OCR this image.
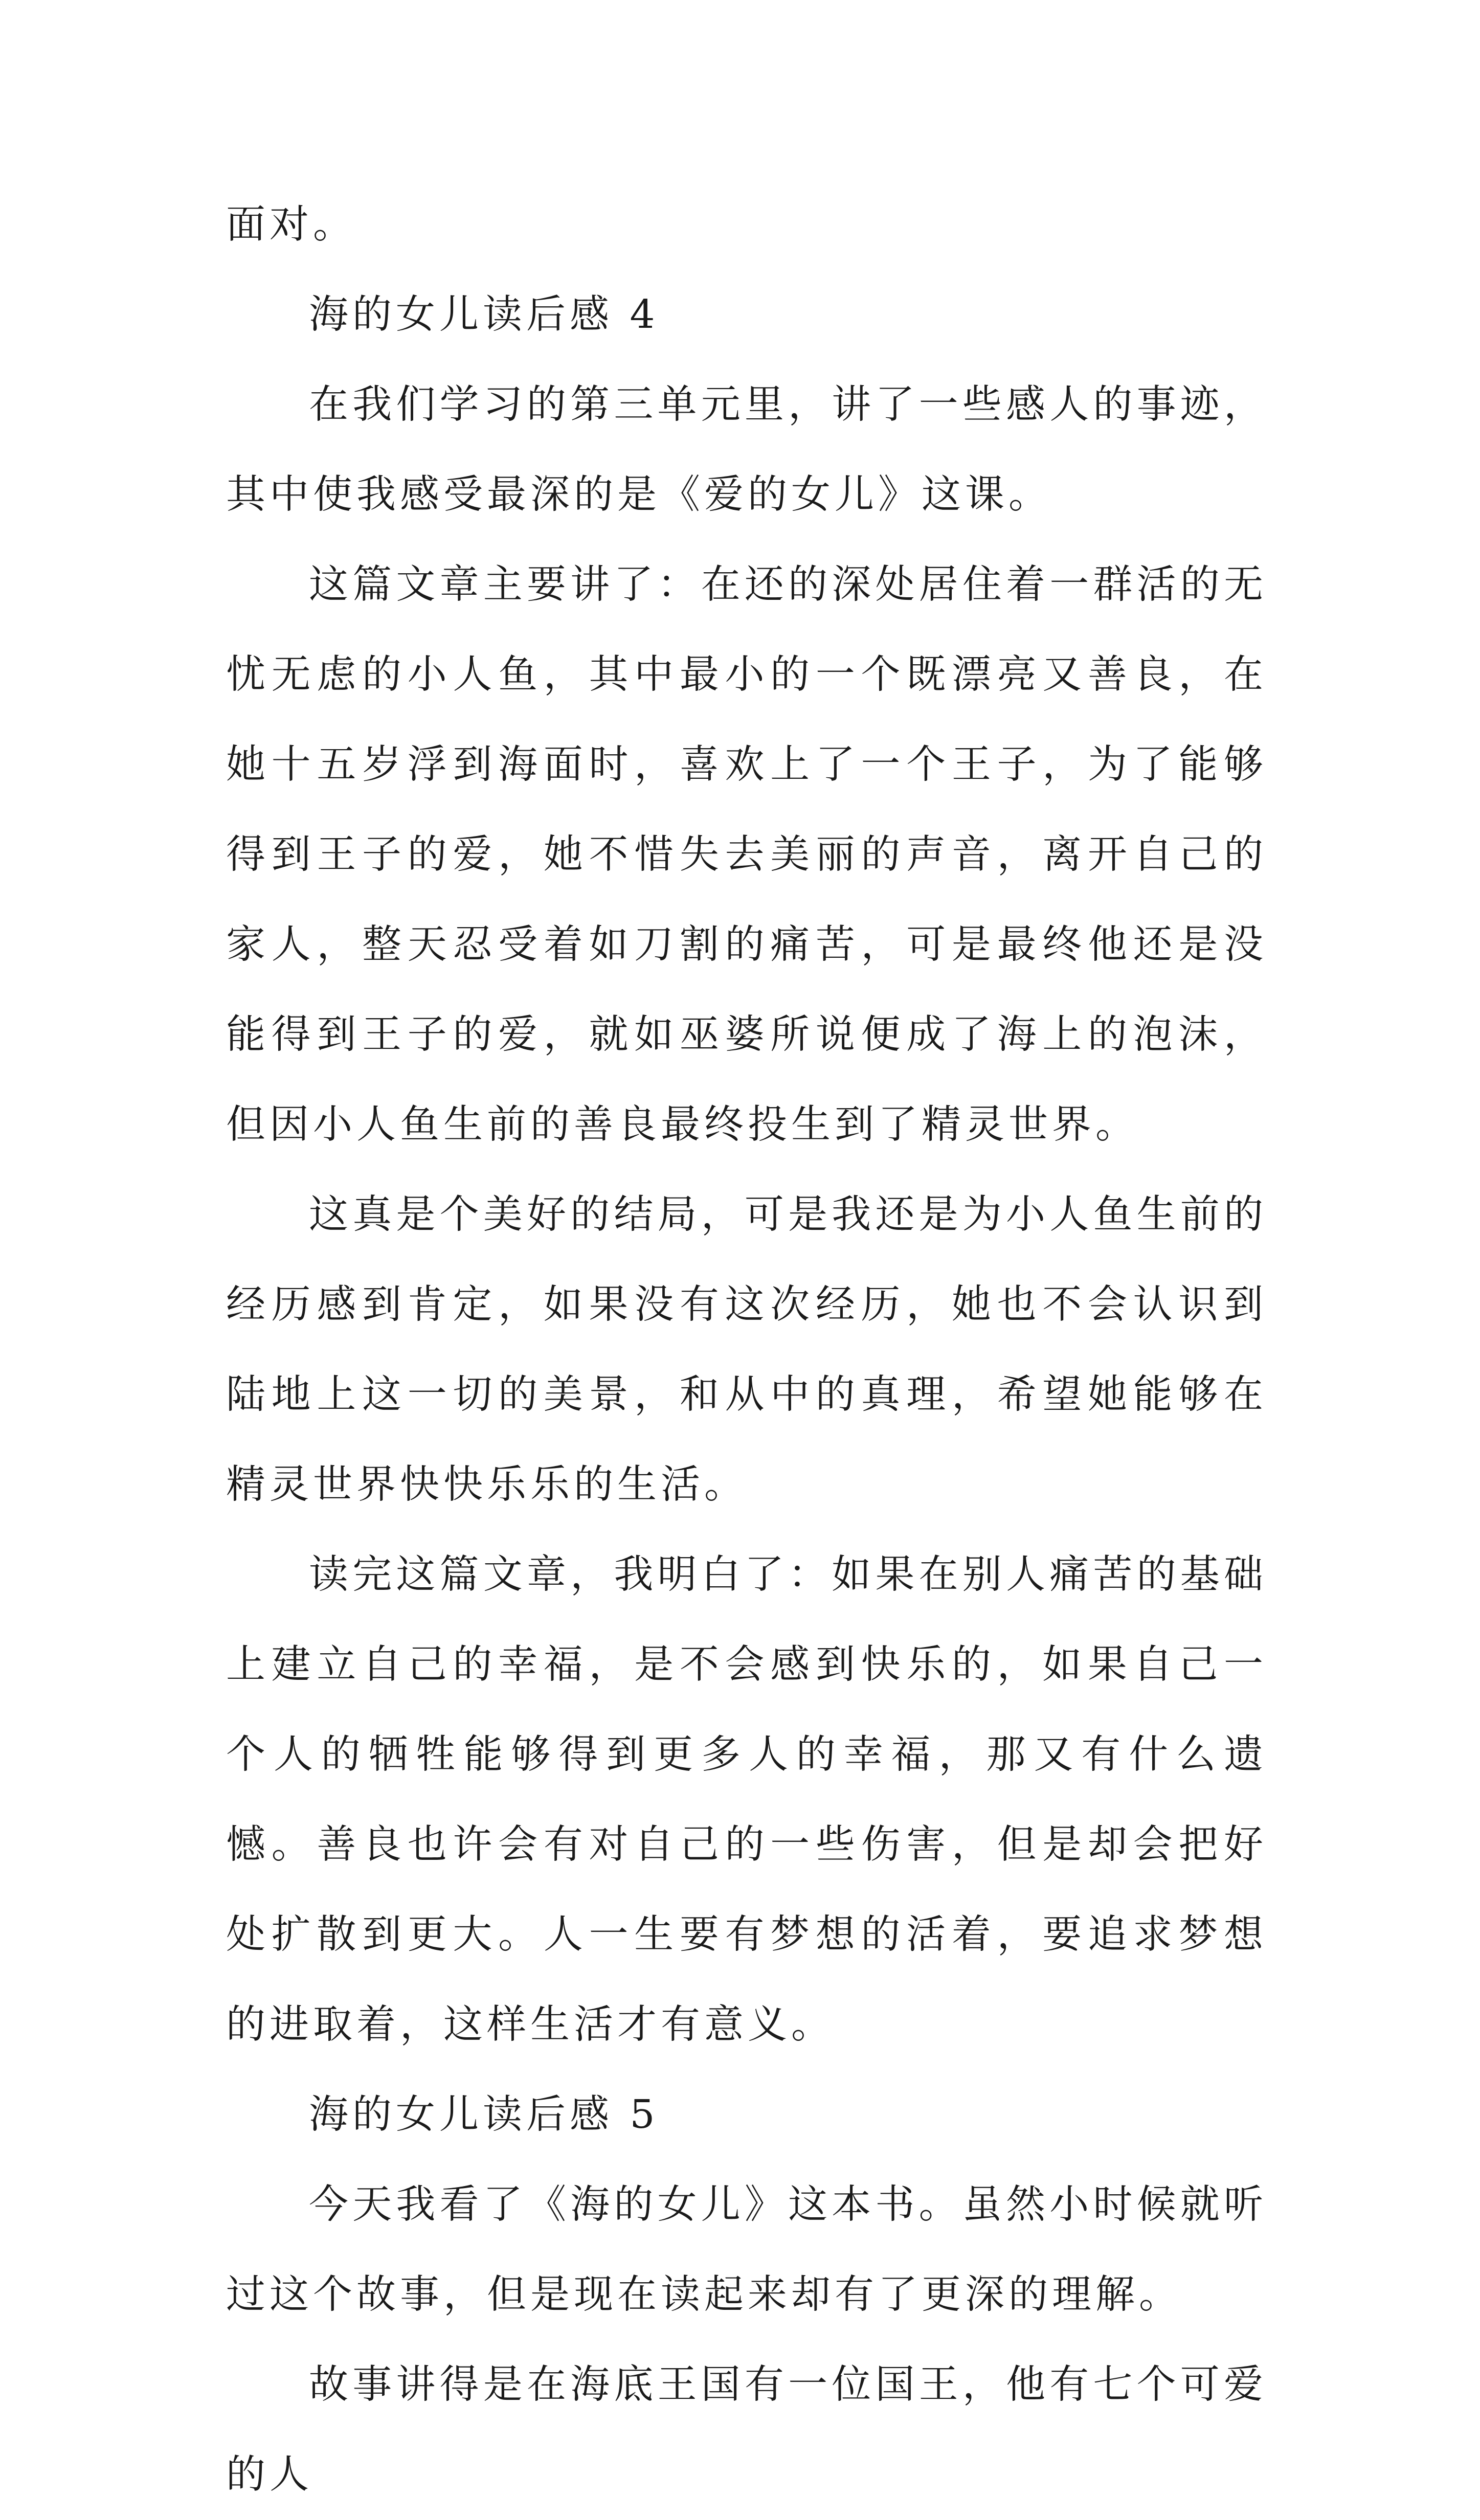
面对。

海的女儿读后感 4

在我们学习的第三单元里，讲了一些感人的事迹，其中使我感受最深的是《爱的女儿》这课。

这篇文章主要讲了：在还的深处居住着一群活的无忧无虑的小人鱼，其中最小的一个既漂亮又善良，在她十五岁浮到海面时，喜欢上了一个王子，为了能够得到王子的爱，她不惜失去美丽的声音，离开自己的家人，整天忍受着如刀割的痛苦，可是最终他还是没能得到王子的爱，就如巫婆所说便成了海上的泡沫，但因小人鱼生前的善良最终投生到了精灵世界。

这真是个美好的结局，可是我还是为小人鱼生前的经历感到肯定，如果没有这次经历，她也不会认识到陆地上这一切的美景，和从中的真理，希望她能够在精灵世界快快乐乐的生活。

读完这篇文章，我明白了：如果在别人痛苦的基础上建立自己的幸福，是不会感到快乐的，如果自己一个人的牺牲能够得到更多人的幸福，那又有什么遗憾。善良也许会有对自己的一些伤害，但是却会把好处扩散到更大。人一生要有梦想的活着，要追求梦想的进取着，这样生活才有意义。

海的女儿读后感 5

今天我看了《海的女儿》这本书。虽然小时候就听过这个故事，但是现在读起来却有了更深的理解。

故事讲得是在海底王国有一位国王，他有七个可爱的人
